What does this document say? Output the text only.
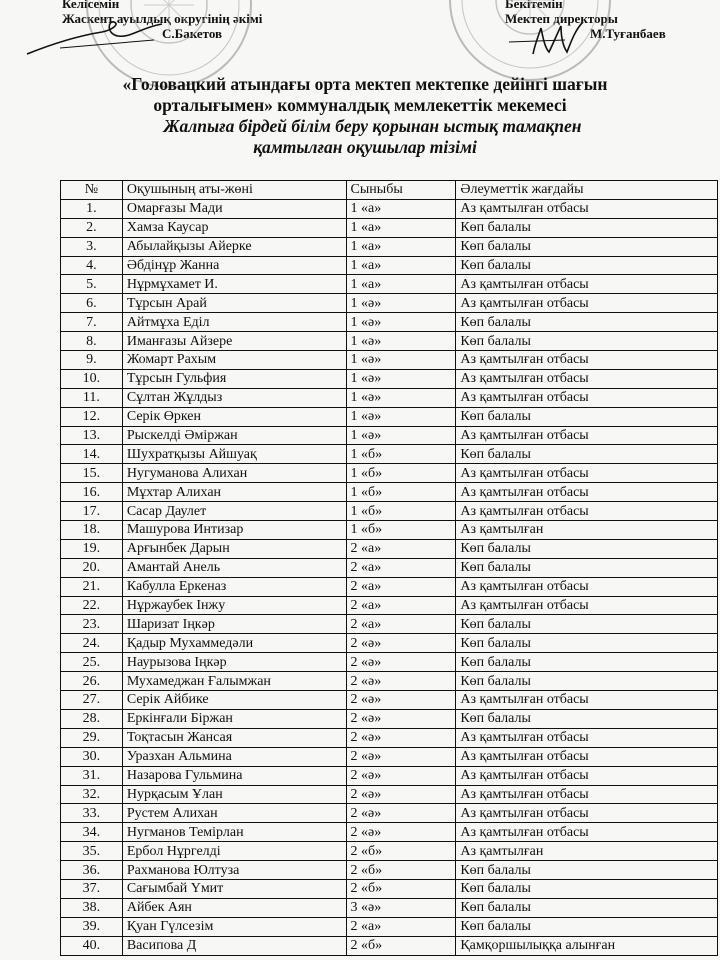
Келісемін
Жаскент ауылдық округінің әкімі
С.Бакетов
Бекітемін
Мектеп директоры
М.Туғанбаев
«Головацкий атындағы орта мектеп мектепке дейінгі шағын
орталығымен» коммуналдық мемлекеттік мекемесі
Жалпыға бірдей білім беру қорынан ыстық тамақпен
қамтылған оқушылар тізімі
№	Оқушының аты-жөні	Сыныбы	Әлеуметтік жағдайы
1.	Омарғазы Мади	1 «а»	Аз қамтылған отбасы
2.	Хамза Каусар	1 «а»	Көп балалы
3.	Абылайқызы Айерке	1 «а»	Көп балалы
4.	Әбдінұр Жанна	1 «а»	Көп балалы
5.	Нұрмұхамет И.	1 «а»	Аз қамтылған отбасы
6.	Тұрсын Арай	1 «ә»	Аз қамтылған отбасы
7.	Айтмұха Еділ	1 «ә»	Көп балалы
8.	Иманғазы Айзере	1 «ә»	Көп балалы
9.	Жомарт Рахым	1 «ә»	Аз қамтылған отбасы
10.	Тұрсын Гульфия	1 «ә»	Аз қамтылған отбасы
11.	Сұлтан Жұлдыз	1 «ә»	Аз қамтылған отбасы
12.	Серік Өркен	1 «ә»	Көп балалы
13.	Рыскелді Әміржан	1 «ә»	Аз қамтылған отбасы
14.	Шухратқызы Айшуақ	1 «б»	Көп балалы
15.	Нугуманова Алихан	1 «б»	Аз қамтылған отбасы
16.	Мұхтар Алихан	1 «б»	Аз қамтылған отбасы
17.	Сасар Даулет	1 «б»	Аз қамтылған отбасы
18.	Машурова Интизар	1 «б»	Аз қамтылған
19.	Арғынбек Дарын	2 «а»	Көп балалы
20.	Амантай Анель	2 «а»	Көп балалы
21.	Кабулла Еркеназ	2 «а»	Аз қамтылған отбасы
22.	Нұржаубек Інжу	2 «а»	Аз қамтылған отбасы
23.	Шаризат Іңкәр	2 «а»	Көп балалы
24.	Қадыр Мухаммедәли	2 «ә»	Көп балалы
25.	Наурызова Іңкәр	2 «ә»	Көп балалы
26.	Мухамеджан Ғалымжан	2 «ә»	Көп балалы
27.	Серік Айбике	2 «ә»	Аз қамтылған отбасы
28.	Еркінғали Біржан	2 «ә»	Көп балалы
29.	Тоқтасын Жансая	2 «ә»	Аз қамтылған отбасы
30.	Уразхан Альмина	2 «ә»	Аз қамтылған отбасы
31.	Назарова Гульмина	2 «ә»	Аз қамтылған отбасы
32.	Нурқасым Ұлан	2 «ә»	Аз қамтылған отбасы
33.	Рустем Алихан	2 «ә»	Аз қамтылған отбасы
34.	Нугманов Темірлан	2 «ә»	Аз қамтылған отбасы
35.	Ербол Нұргелді	2 «б»	Аз қамтылған
36.	Рахманова Юлтуза	2 «б»	Көп балалы
37.	Сағымбай Үмит	2 «б»	Көп балалы
38.	Айбек Аян	3 «ә»	Көп балалы
39.	Қуан Гүлсезім	2 «а»	Көп балалы
40.	Васипова Д	2 «б»	Қамқоршылыққа алынған
